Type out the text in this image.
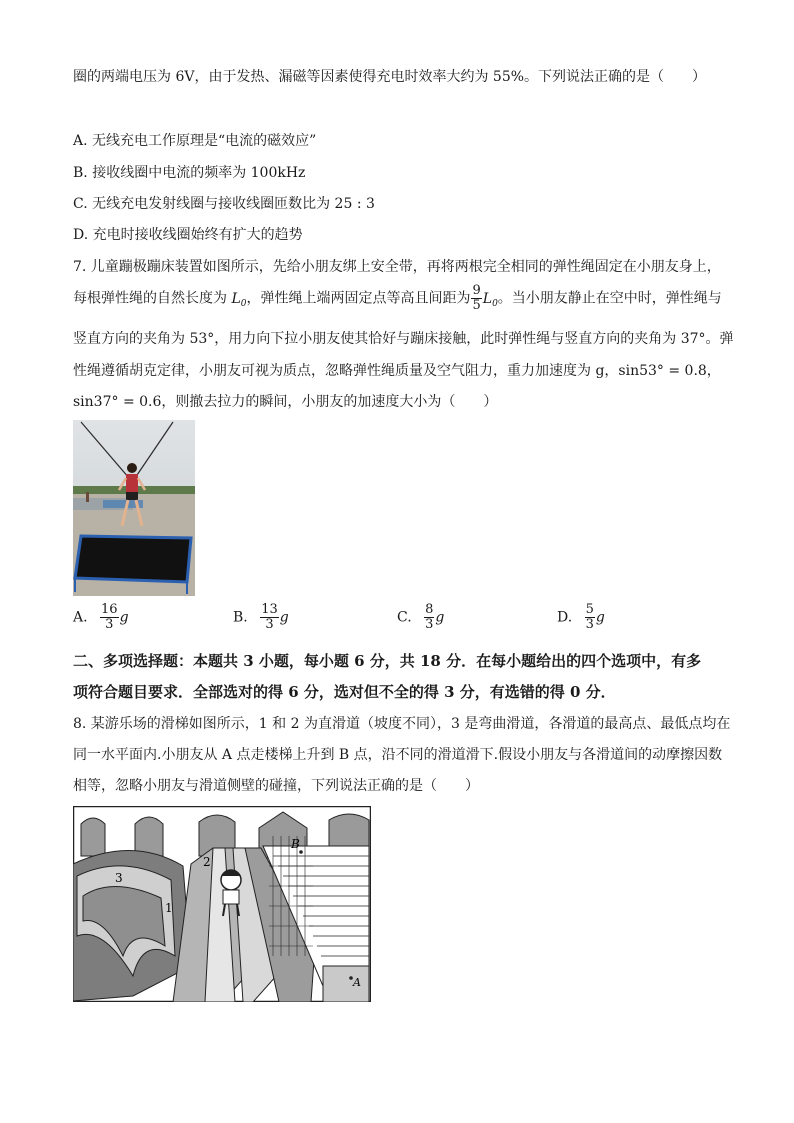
圈的两端电压为 6V，由于发热、漏磁等因素使得充电时效率大约为 55%。下列说法正确的是（　　）
A. 无线充电工作原理是“电流的磁效应”
B. 接收线圈中电流的频率为 100kHz
C. 无线充电发射线圈与接收线圈匝数比为 25 : 3
D. 充电时接收线圈始终有扩大的趋势
7. 儿童蹦极蹦床装置如图所示，先给小朋友绑上安全带，再将两根完全相同的弹性绳固定在小朋友身上，
每根弹性绳的自然长度为 $L_0$，弹性绳上端两固定点等高且间距为 $\frac{9}{5} L_0$。当小朋友静止在空中时，弹性绳与
竖直方向的夹角为 53°，用力向下拉小朋友使其恰好与蹦床接触，此时弹性绳与竖直方向的夹角为 37°。弹
性绳遵循胡克定律，小朋友可视为质点，忽略弹性绳质量及空气阻力，重力加速度为 g，sin53° = 0.8，
sin37° = 0.6，则撤去拉力的瞬间，小朋友的加速度大小为（　　）
A. $\frac{16}{3}$ g	B. $\frac{13}{3}$ g	C. $\frac{8}{3}$ g	D. $\frac{5}{3}$ g
二、多项选择题：本题共 3 小题，每小题 6 分，共 18 分．在每小题给出的四个选项中，有多
项符合题目要求．全部选对的得 6 分，选对但不全的得 3 分，有选错的得 0 分．
8. 某游乐场的滑梯如图所示，1 和 2 为直滑道（坡度不同），3 是弯曲滑道，各滑道的最高点、最低点均在
同一水平面内.小朋友从 A 点走楼梯上升到 B 点，沿不同的滑道滑下.假设小朋友与各滑道间的动摩擦因数
相等，忽略小朋友与滑道侧壁的碰撞，下列说法正确的是（　　）
1
2
3
B
A
